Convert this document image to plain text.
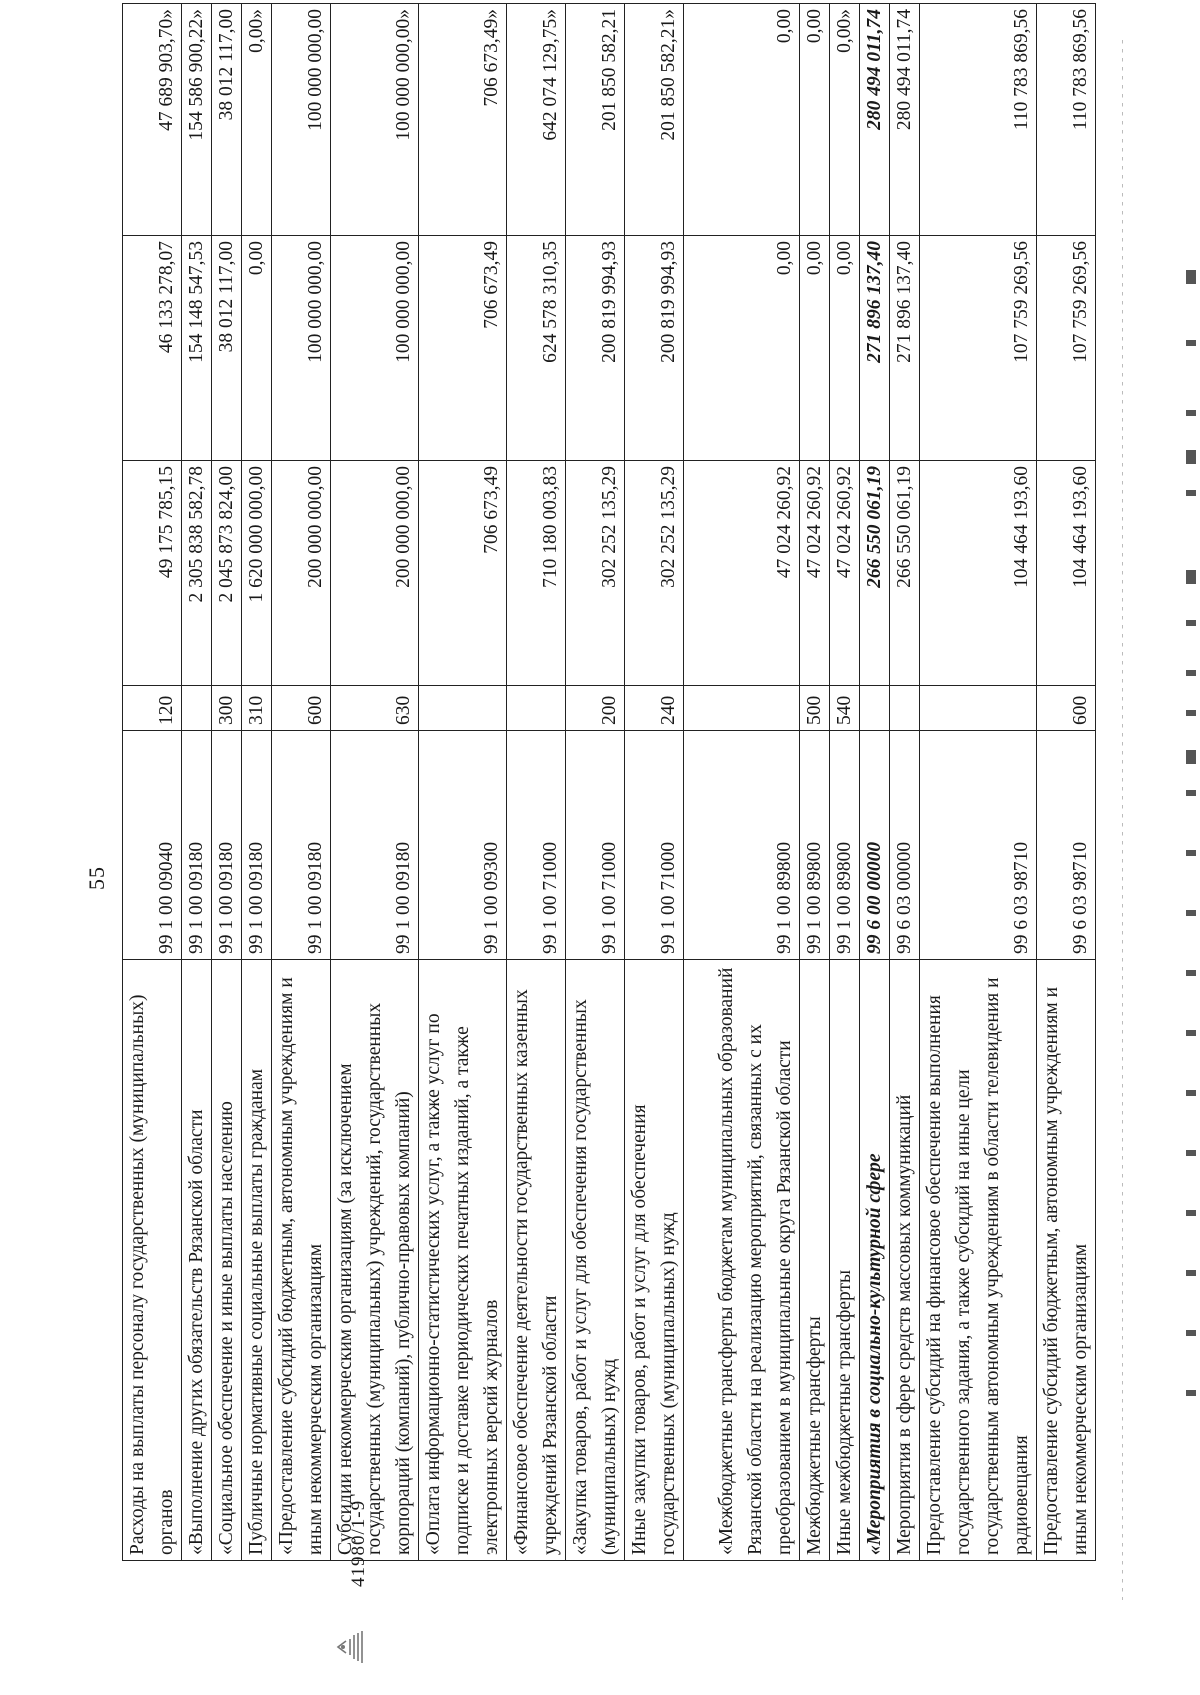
55
41980/1-9
Расходы на выплаты персоналу государственных (муниципальных) органов	99 1 00 09040	120	49 175 785,15	46 133 278,07	47 689 903,70»
«Выполнение других обязательств Рязанской области	99 1 00 09180		2 305 838 582,78	154 148 547,53	154 586 900,22»
«Социальное обеспечение и иные выплаты населению	99 1 00 09180	300	2 045 873 824,00	38 012 117,00	38 012 117,00
Публичные нормативные социальные выплаты гражданам	99 1 00 09180	310	1 620 000 000,00	0,00	0,00»
«Предоставление субсидий бюджетным, автономным учреждениям и иным некоммерческим организациям	99 1 00 09180	600	200 000 000,00	100 000 000,00	100 000 000,00
Субсидии некоммерческим организациям (за исключением государственных (муниципальных) учреждений, государственных корпораций (компаний), публично-правовых компаний)	99 1 00 09180	630	200 000 000,00	100 000 000,00	100 000 000,00»
«Оплата информационно-статистических услуг, а также услуг по подписке и доставке периодических печатных изданий, а также электронных версий журналов	99 1 00 09300		706 673,49	706 673,49	706 673,49»
«Финансовое обеспечение деятельности государственных казенных учреждений Рязанской области	99 1 00 71000		710 180 003,83	624 578 310,35	642 074 129,75»
«Закупка товаров, работ и услуг для обеспечения государственных (муниципальных) нужд	99 1 00 71000	200	302 252 135,29	200 819 994,93	201 850 582,21
Иные закупки товаров, работ и услуг для обеспечения государственных (муниципальных) нужд	99 1 00 71000	240	302 252 135,29	200 819 994,93	201 850 582,21»
«Межбюджетные трансферты бюджетам муниципальных образований Рязанской области на реализацию мероприятий, связанных с их преобразованием в муниципальные округа Рязанской области	99 1 00 89800		47 024 260,92	0,00	0,00
Межбюджетные трансферты	99 1 00 89800	500	47 024 260,92	0,00	0,00
Иные межбюджетные трансферты	99 1 00 89800	540	47 024 260,92	0,00	0,00»
«Мероприятия в социально-культурной сфере	99 6 00 00000		266 550 061,19	271 896 137,40	280 494 011,74
Мероприятия в сфере средств массовых коммуникаций	99 6 03 00000		266 550 061,19	271 896 137,40	280 494 011,74
Предоставление субсидий на финансовое обеспечение выполнения государственного задания, а также субсидий на иные цели государственным автономным учреждениям в области телевидения и радиовещания	99 6 03 98710		104 464 193,60	107 759 269,56	110 783 869,56
Предоставление субсидий бюджетным, автономным учреждениям и иным некоммерческим организациям	99 6 03 98710	600	104 464 193,60	107 759 269,56	110 783 869,56
